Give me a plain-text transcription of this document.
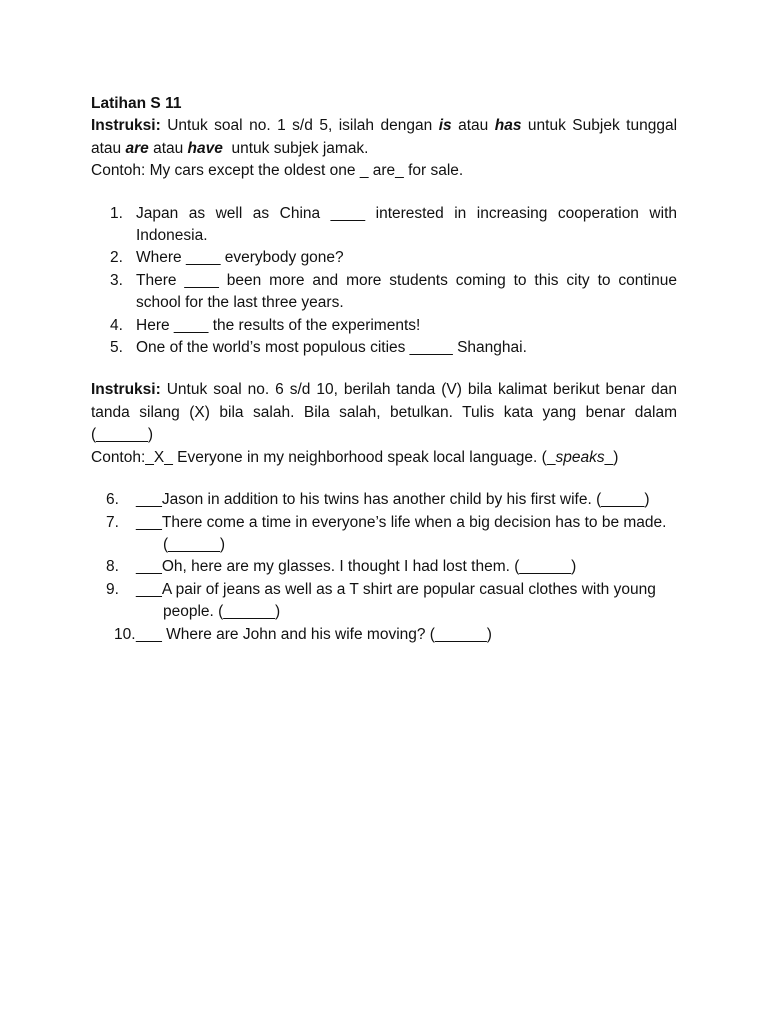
Latihan S 11

Instruksi: Untuk soal no. 1 s/d 5, isilah dengan is atau has untuk Subjek tunggal atau are atau have  untuk subjek jamak.

Contoh: My cars except the oldest one _ are_ for sale.

1. Japan as well as China ____ interested in increasing cooperation with Indonesia.
2. Where ____ everybody gone?
3. There ____ been more and more students coming to this city to continue school for the last three years.
4. Here ____ the results of the experiments!
5. One of the world’s most populous cities _____ Shanghai.

Instruksi: Untuk soal no. 6 s/d 10, berilah tanda (V) bila kalimat berikut benar dan tanda silang (X) bila salah. Bila salah, betulkan. Tulis kata yang benar dalam (______)

Contoh:_X_ Everyone in my neighborhood speak local language. (_speaks_)

6. ___Jason in addition to his twins has another child by his first wife. (_____)
7. ___There come a time in everyone’s life when a big decision has to be made. (______)
8. ___Oh, here are my glasses. I thought I had lost them. (______)
9. ___A pair of jeans as well as a T shirt are popular casual clothes with young people. (______)
10. ___ Where are John and his wife moving? (______)
